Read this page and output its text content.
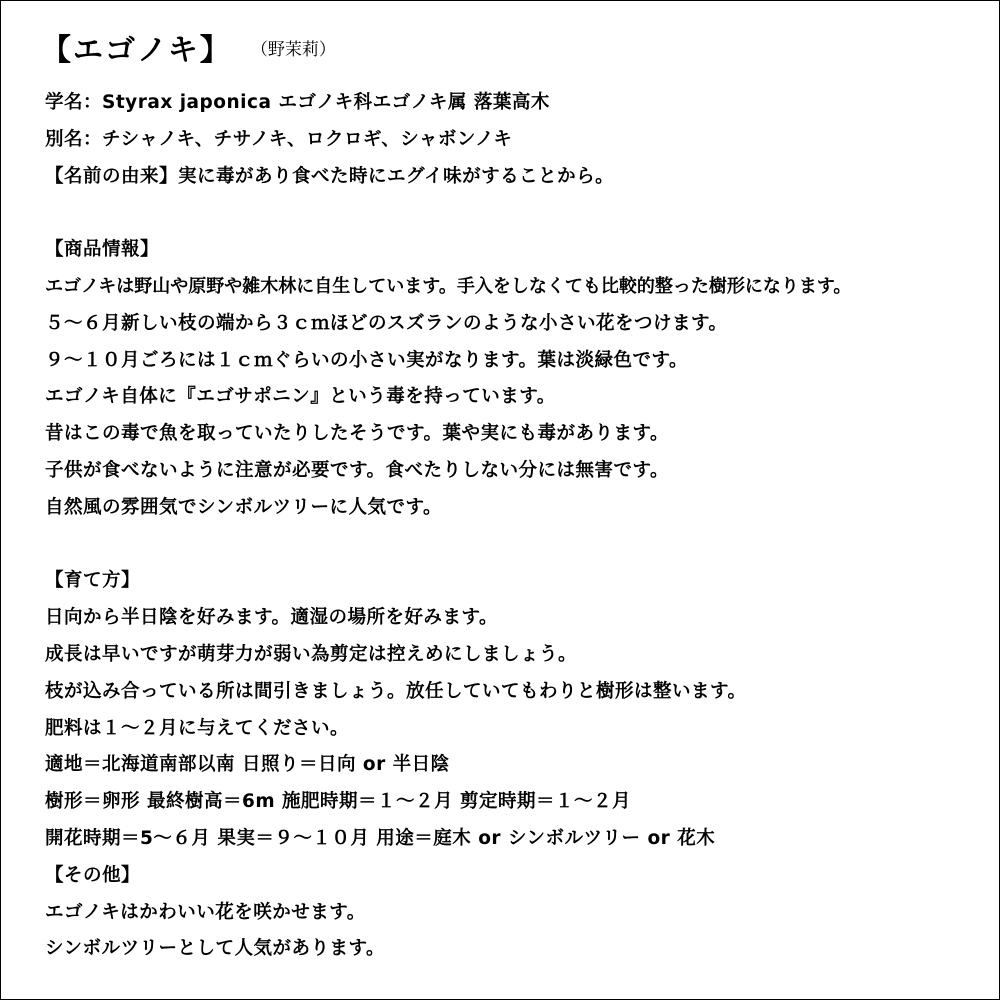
【エゴノキ】 （野茉莉）
学名：Styrax japonica エゴノキ科エゴノキ属 落葉高木
別名：チシャノキ、チサノキ、ロクロギ、シャボンノキ
【名前の由来】実に毒があり食べた時にエグイ味がすることから。
【商品情報】
エゴノキは野山や原野や雑木林に自生しています。手入をしなくても比較的整った樹形になります。
５～６月新しい枝の端から３ｃｍほどのスズランのような小さい花をつけます。
９～１０月ごろには１ｃｍぐらいの小さい実がなります。葉は淡緑色です。
エゴノキ自体に『エゴサポニン』という毒を持っています。
昔はこの毒で魚を取っていたりしたそうです。葉や実にも毒があります。
子供が食べないように注意が必要です。食べたりしない分には無害です。
自然風の雰囲気でシンボルツリーに人気です。
【育て方】
日向から半日陰を好みます。適湿の場所を好みます。
成長は早いですが萌芽力が弱い為剪定は控えめにしましょう。
枝が込み合っている所は間引きましょう。放任していてもわりと樹形は整います。
肥料は１～２月に与えてください。
適地＝北海道南部以南 日照り＝日向 or 半日陰
樹形＝卵形 最終樹高＝6m 施肥時期＝１～２月 剪定時期＝１～２月
開花時期＝5～６月 果実＝９～１０月 用途＝庭木 or シンボルツリー or 花木
【その他】
エゴノキはかわいい花を咲かせます。
シンボルツリーとして人気があります。
